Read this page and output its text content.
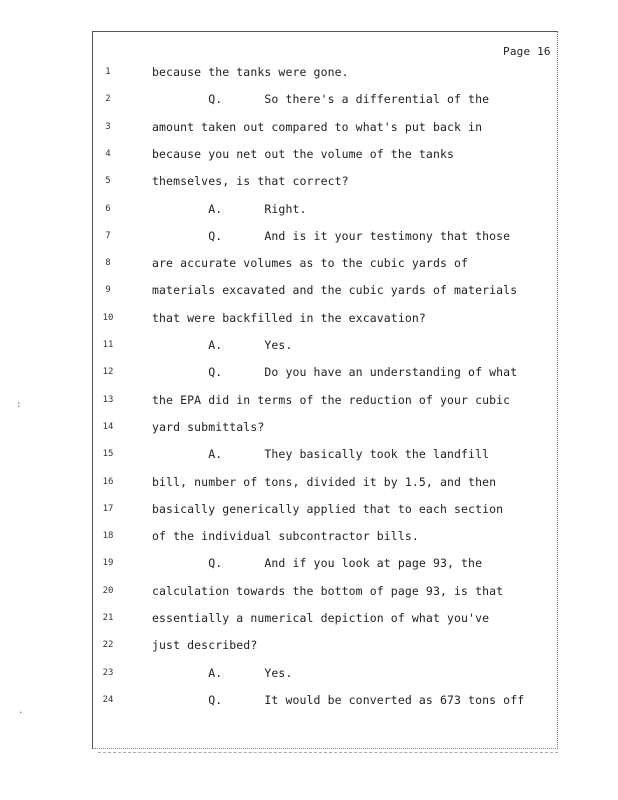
Page 16
1	because the tanks were gone.
2	Q.      So there's a differential of the
3	amount taken out compared to what's put back in
4	because you net out the volume of the tanks
5	themselves, is that correct?
6	A.      Right.
7	Q.      And is it your testimony that those
8	are accurate volumes as to the cubic yards of
9	materials excavated and the cubic yards of materials
10	that were backfilled in the excavation?
11	A.      Yes.
12	Q.      Do you have an understanding of what
13	the EPA did in terms of the reduction of your cubic
14	yard submittals?
15	A.      They basically took the landfill
16	bill, number of tons, divided it by 1.5, and then
17	basically generically applied that to each section
18	of the individual subcontractor bills.
19	Q.      And if you look at page 93, the
20	calculation towards the bottom of page 93, is that
21	essentially a numerical depiction of what you've
22	just described?
23	A.      Yes.
24	Q.      It would be converted as 673 tons off
:
.
